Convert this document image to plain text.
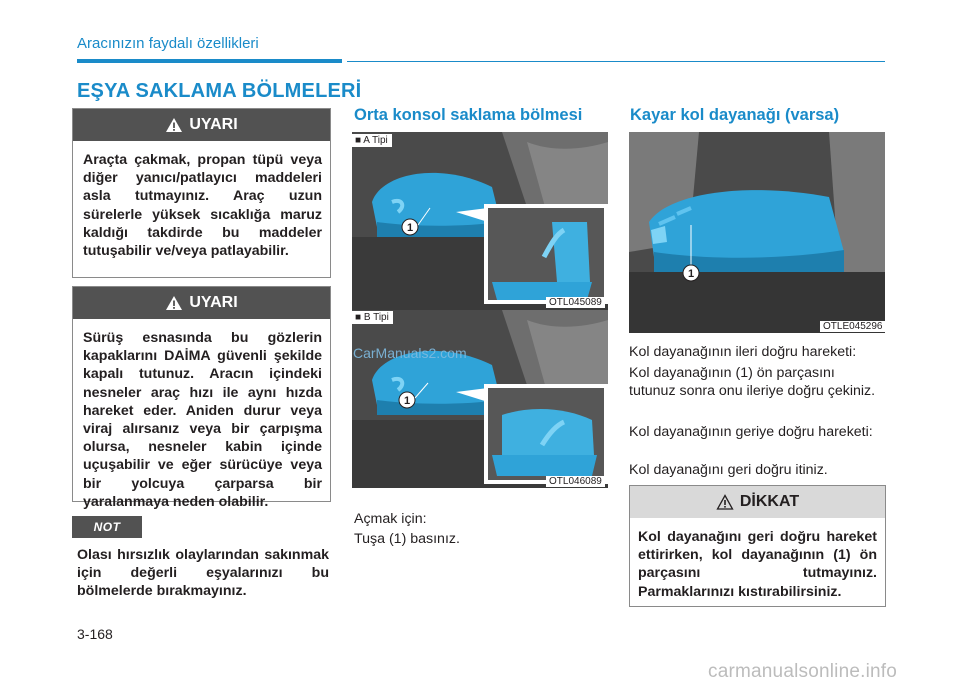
Aracınızın faydalı özellikleri
EŞYA SAKLAMA BÖLMELERİ
UYARI
Araçta çakmak, propan tüpü veya diğer yanıcı/patlayıcı maddeleri asla tutmayınız. Araç uzun sürelerle yüksek sıcaklığa maruz kaldığı takdirde bu maddeler tutuşabilir ve/veya patlayabilir.
UYARI
Sürüş esnasında bu gözlerin kapaklarını DAİMA güvenli şekilde kapalı tutunuz. Aracın içindeki nesneler araç hızı ile aynı hızda hareket eder. Aniden durur veya viraj alırsanız veya bir çarpışma olursa, nesneler kabin içinde uçuşabilir ve eğer sürücüye veya bir yolcuya çarparsa bir yaralanmaya neden olabilir.
NOT
Olası hırsızlık olaylarından sakınmak için değerli eşyalarınızı bu bölmelerde bırakmayınız.
Orta konsol saklama bölmesi
1
■ A Tipi
OTL045089
1
■ B Tipi
OTL046089
Açmak için:
Tuşa (1) basınız.
Kayar kol dayanağı (varsa)
1
OTLE045296
Kol dayanağının ileri doğru hareketi:
Kol dayanağının (1) ön parçasını tutunuz sonra onu ileriye doğru çekiniz.
Kol dayanağının geriye doğru hareketi:
Kol dayanağını geri doğru itiniz.
DİKKAT
Kol dayanağını geri doğru hareket ettirirken, kol dayanağının (1) ön parçasını tutmayınız. Parmaklarınızı kıstırabilirsiniz.
3-168
CarManuals2.com
carmanualsonline.info
